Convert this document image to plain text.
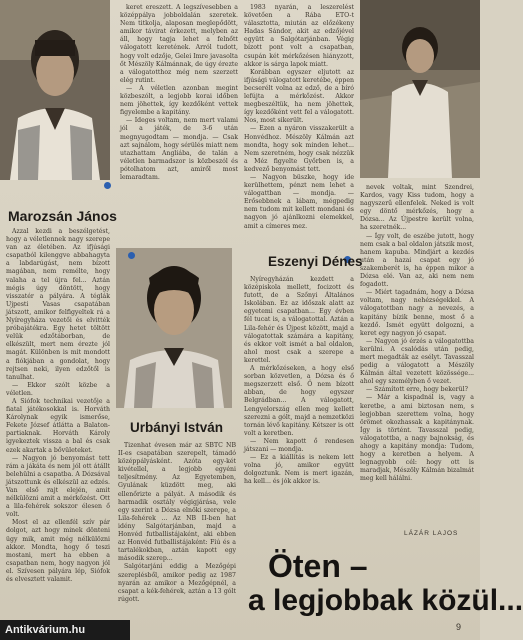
Marozsán János

Azzal kezdi a beszélgetést, hogy a véletlennek nagy szerepe van az életében. Az ifjúsági csapatból kilenggve abbahagyta a labdarúgást, nem bízott magában, nem remélte, hogy valaha a tel újra fel... Aztán mégis úgy döntött, hogy visszatér a pályára. A téglák Ujpesti Vasas csapatában játszott, amikor felfigyeltek rá a Nyíregyháza vezetői és elvitték próbajátékra. Egy hetet töltött velük edzőtáborban, de elkészült, mert nem érezte jól magát. Különben is mit mondott a fiókjában a gondolat, hogy rejtsen neki, ilyen edzőtől is tanulhat.

— Ekkor szólt közbe a véletlen.

A Siófok technikai vezetője a fiatal játékosokkal is. Horváth Károlynak egyik ismerőse, Fekete József átlátta a Balaton-partiaknak. Horváth Károly igyekeztek vissza a bal és csak ezek akartak a bővületeket.

— Nagyon jó benyomást tett rám a jákáta és nem jól ott átállt belehülni a csapatba. A Dózsával játszottunk és elkészül az edzés. Van első rajt elején, amit nélkülözni amit a mérkőzést. Ott a lila-fehérek sokszor élesen ő volt.

Most el az ellenfél szív pár dolgot, azt hogy minek dönteni ügy mik, amit még nélkülözni akkor. Mondta, hogy ő teszi mostani, mert ha ebben a csapatban nem, hogy nagyon jól el. Szívesen pályára lép, Siófok és elvesztett valamit.

keret ereszett. A legszívesebben a középpálya jobboldalán szeretek. Nem titkolja, alaposan meglepődött, amikor távirat érkezett, melyben az áll, hogy tagja lehet a felnőtt válogatott keretének. Arról tudott, hogy volt edzője, Gelei Imre javasolta őt Mészöly Kálmánnak, de úgy érezte a válogatotthoz még nem szerzett elég rutint.

— A véletlen azonban megint közbeszólt, a legjobb korai időben nem jöhettek, így kezdőként vettek figyelembe a kapitány.

— Ideges voltam, nem mert valami jól a játék, de 3-6 után megnyugodtam — mondja. — Csak azt sajnálom, hogy sérülés miatt nem utazhattam Angliába, de talán a véletlen barmadszor is közbeszól és pótolhatom azt, amiről most lemaradtam.

Urbányi István

Tizenhat évesen már az SBTC NB II-es csapatában szerepelt, támadó középpályásként. Azóta egy-két kivétellel, a legjobb egyéni teljesítmény. Az Egyetemben, Gyulának küzdött meg, aki ellenőrizte a pályát. A második és harmadik osztály végigjárása, vele egy szerint a Dózsa elnöki szerepe, a Lila-fehérek ... Az NB II-ben hat idény Salgótarjánban, majd a Honvéd futballistájaként, aki ebben az Honvéd futballistájaként: Fiú és a tartalékokban, aztán kapott egy második szerep...

Salgótarjáni eddig a Mezőgépi szereplésből, amikor pedig az 1987 nyarán az amikor a Mezőgépnél, a csapat a kék-fehérek, aztán a 13 gólt rúgott.

1983 nyarán, a leszerelést követően a Rába ETO-t választotta, miután az előzékeny Hadas Sándor, akit az edzőjével együtt a Salgótarjánban. Végig bízott pont volt a csapatban, csupán két mérkőzésen hiányzott, akkor is sárga lapok miatt.

Korábban egyszer eljutott az ifjúsági válogatott keretébe, éppen becserélt volna az edző, de a bíró lefújta a mérkőzést. Akkor megbeszéltük, ha nem jöhettek, így kezdőként vett fel a válogatott. Nos, most sikerült.

— Ezen a nyáron visszakerült a Honvédhoz. Mészöly Kálmán azt mondta, hogy sok minden lehet... Nem szeretném, hogy csak nézzük a Méz figyelte Győrben is, a kedvező benyomást tett.

— Nagyon büszke, hogy ide kerülhettem, pénzt nem lehet a válogattban — mondja. — Erősebbnek a lábam, mégpedig nem tudom mit kellett mondani és nagyon jó ajánlkozni elemekkel, amit a címeres mez.

Eszenyi Dénes

Nyíregyházán kezdett a középiskola mellett, focizott és futott, de a Szőnyi Általános Iskolában. Ez az időszak alatt az egyetemi csapatban... Egy évben fél tucat is, a válogatottal. Aztán a Lila-fehér és Újpest között, majd a válogatottak számára a kapitány, és ekkor volt ismét a bal oldalon, ahol most csak a szerepe a kerettel.

A mérkőzéseken, a hogy első sorban közvetlen, a Dózsa és ő megszerzett első. Ő nem bízott abban, de hogy egyszer Belgrádban... A válogatott, Lengyelország ellen meg kellett szerezni a gólt, majd a nemzetközi tornán lévő kapitány. Kétszer is ott volt a keretben.

— Nem kapott ő rendesen játszani — mondja.

— Ez a kiállítás is nekem lett volna jó, amikor együtt dolgoztunk. Nem is mert igazán, ha kell... és jók akkor is.

nevek voltak, mint Szendrei, Kardos, vagy Kiss tudom, hogy a nagyszerű ellenfelek. Neked is volt egy döntő mérkőzés, hogy a Dózsa... Az Újpestre került volna, ha szeretnék...

— Így volt, de eszébe jutott, hogy nem csak a bal oldalon játszik most, hanem kapuba. Mindjárt a kezdés után a hazai csapat egy jó szakemberét is, ha éppen mikor a Dózsa elé. Van az, aki nem nem fogadott.

— Miért tagadnám, hogy a Dózsa voltam, nagy nehézségekkel. A válogatottban nagy a nevezés, a kapitány bízik benne, most ő a kezdő. Ismét együtt dolgozni, a keret egy nagyon jó csapat.

— Nagyon jó érzés a válogatottba kerülni. A csalódás után pedig, mert megadták az esélyt. Tavasszal pedig a válogatott a Mészöly Kálmán által vezetett közössége... ahol egy személyben ő vezet.

— Számított erre, hogy bekerül?

— Már a kispadnál is, vagy a keretbe, a ami biztosan nem, s legjobban szerettem volna, hogy örömet okozhassak a kapitánynak. Így is történt. Tavasszal pedig, válogatottba, a nagy bajnokság, és ahogy a kapitány mondja: Tudom, hogy a keretben a helyem. A legnagyobb cél: hogy ott is maradjak, Mészöly Kálmán bizalmát meg kell hálálni.

LÁZÁR LAJOS
Öten –
a legjobbak közül...
9
Antikvárium.hu
